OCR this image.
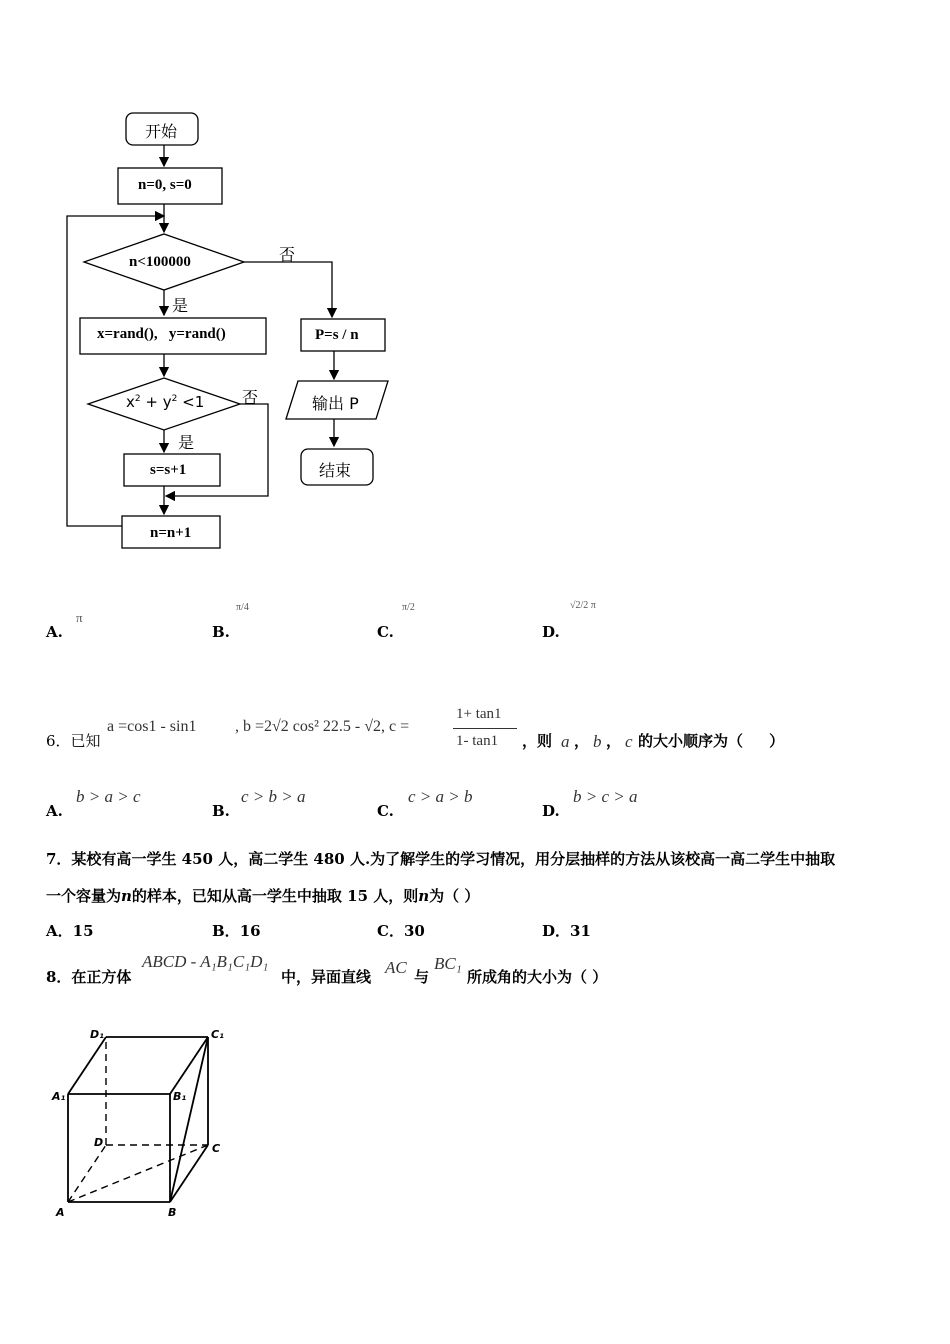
开始
n=0, s=0
n<100000	否
是
x=rand(),   y=rand()
$x^2 + y^2 <1$ 否
是
s=s+1
n=n+1
P=s / n
输出 P
结束
A.
π
B.
π/4
C.
π/2
D.
√2/2 π
6．已知
a =cos1 - sin1 , b =2√2 cos² 22.5 - √2, c =
1+ tan1
1- tan1 ，则 a ， b ， c 的大小顺序为（     ）
A.
b > a > c
B.
c > b > a
C.
c > a > b
D.
b > c > a
7．某校有高一学生 450 人，高二学生 480 人.为了解学生的学习情况，用分层抽样的方法从该校高一高二学生中抽取
一个容量为n的样本，已知从高一学生中抽取 15 人，则n为（ ）
A．15	B．16	C．30	D．31
8．在正方体
ABCD - A₁B₁C₁D₁
中，异面直线 AC 与
BC₁
所成角的大小为（ ）
D₁	C₁
A₁	B₁
D	C
A	B
